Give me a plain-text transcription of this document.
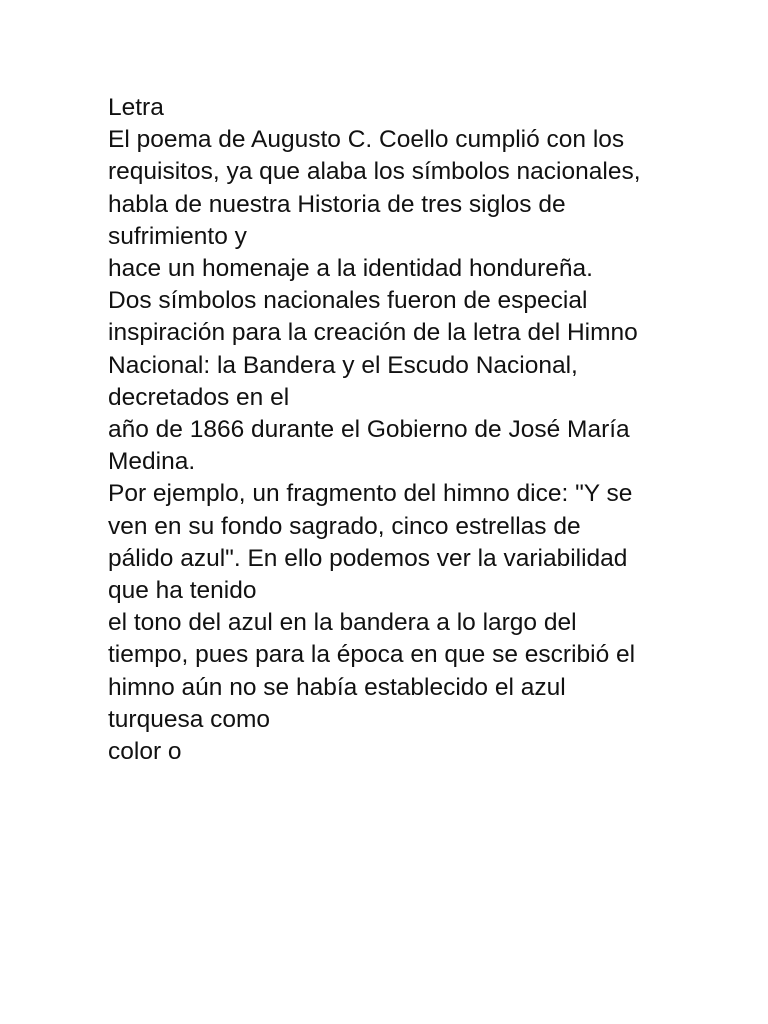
Letra
El poema de Augusto C. Coello cumplió con los
requisitos, ya que alaba los símbolos nacionales,
habla de nuestra Historia de tres siglos de
sufrimiento y
hace un homenaje a la identidad hondureña.
Dos símbolos nacionales fueron de especial
inspiración para la creación de la letra del Himno
Nacional: la Bandera y el Escudo Nacional,
decretados en el
año de 1866 durante el Gobierno de José María
Medina.
Por ejemplo, un fragmento del himno dice: "Y se
ven en su fondo sagrado, cinco estrellas de
pálido azul". En ello podemos ver la variabilidad
que ha tenido
el tono del azul en la bandera a lo largo del
tiempo, pues para la época en que se escribió el
himno aún no se había establecido el azul
turquesa como
color o
